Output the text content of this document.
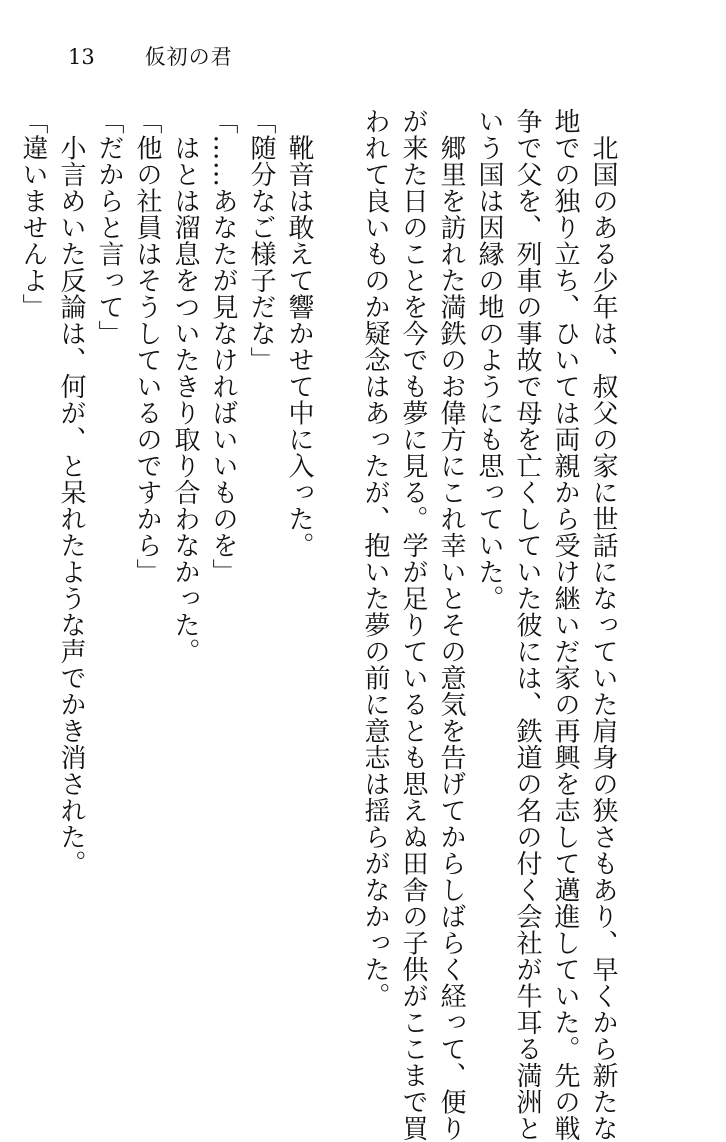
13 仮初の君
　北国のある少年は、叔父の家に世話になっていた肩身の狭さもあり、早くから新たな
地での独り立ち、ひいては両親から受け継いだ家の再興を志して邁進していた。先の戦
争で父を、列車の事故で母を亡くしていた彼には、鉄道の名の付く会社が牛耳る満洲と
いう国は因縁の地のようにも思っていた。
　郷里を訪れた満鉄のお偉方にこれ幸いとその意気を告げてからしばらく経って、便り
が来た日のことを今でも夢に見る。学が足りているとも思えぬ田舎の子供がここまで買
われて良いものか疑念はあったが、抱いた夢の前に意志は揺らがなかった。
　靴音は敢えて響かせて中に入った。
「随分なご様子だな」
「……あなたが見なければいいものを」
　はとは溜息をついたきり取り合わなかった。
「他の社員はそうしているのですから」
「だからと言って」
　小言めいた反論は、何が、と呆れたような声でかき消された。
「違いませんよ」
